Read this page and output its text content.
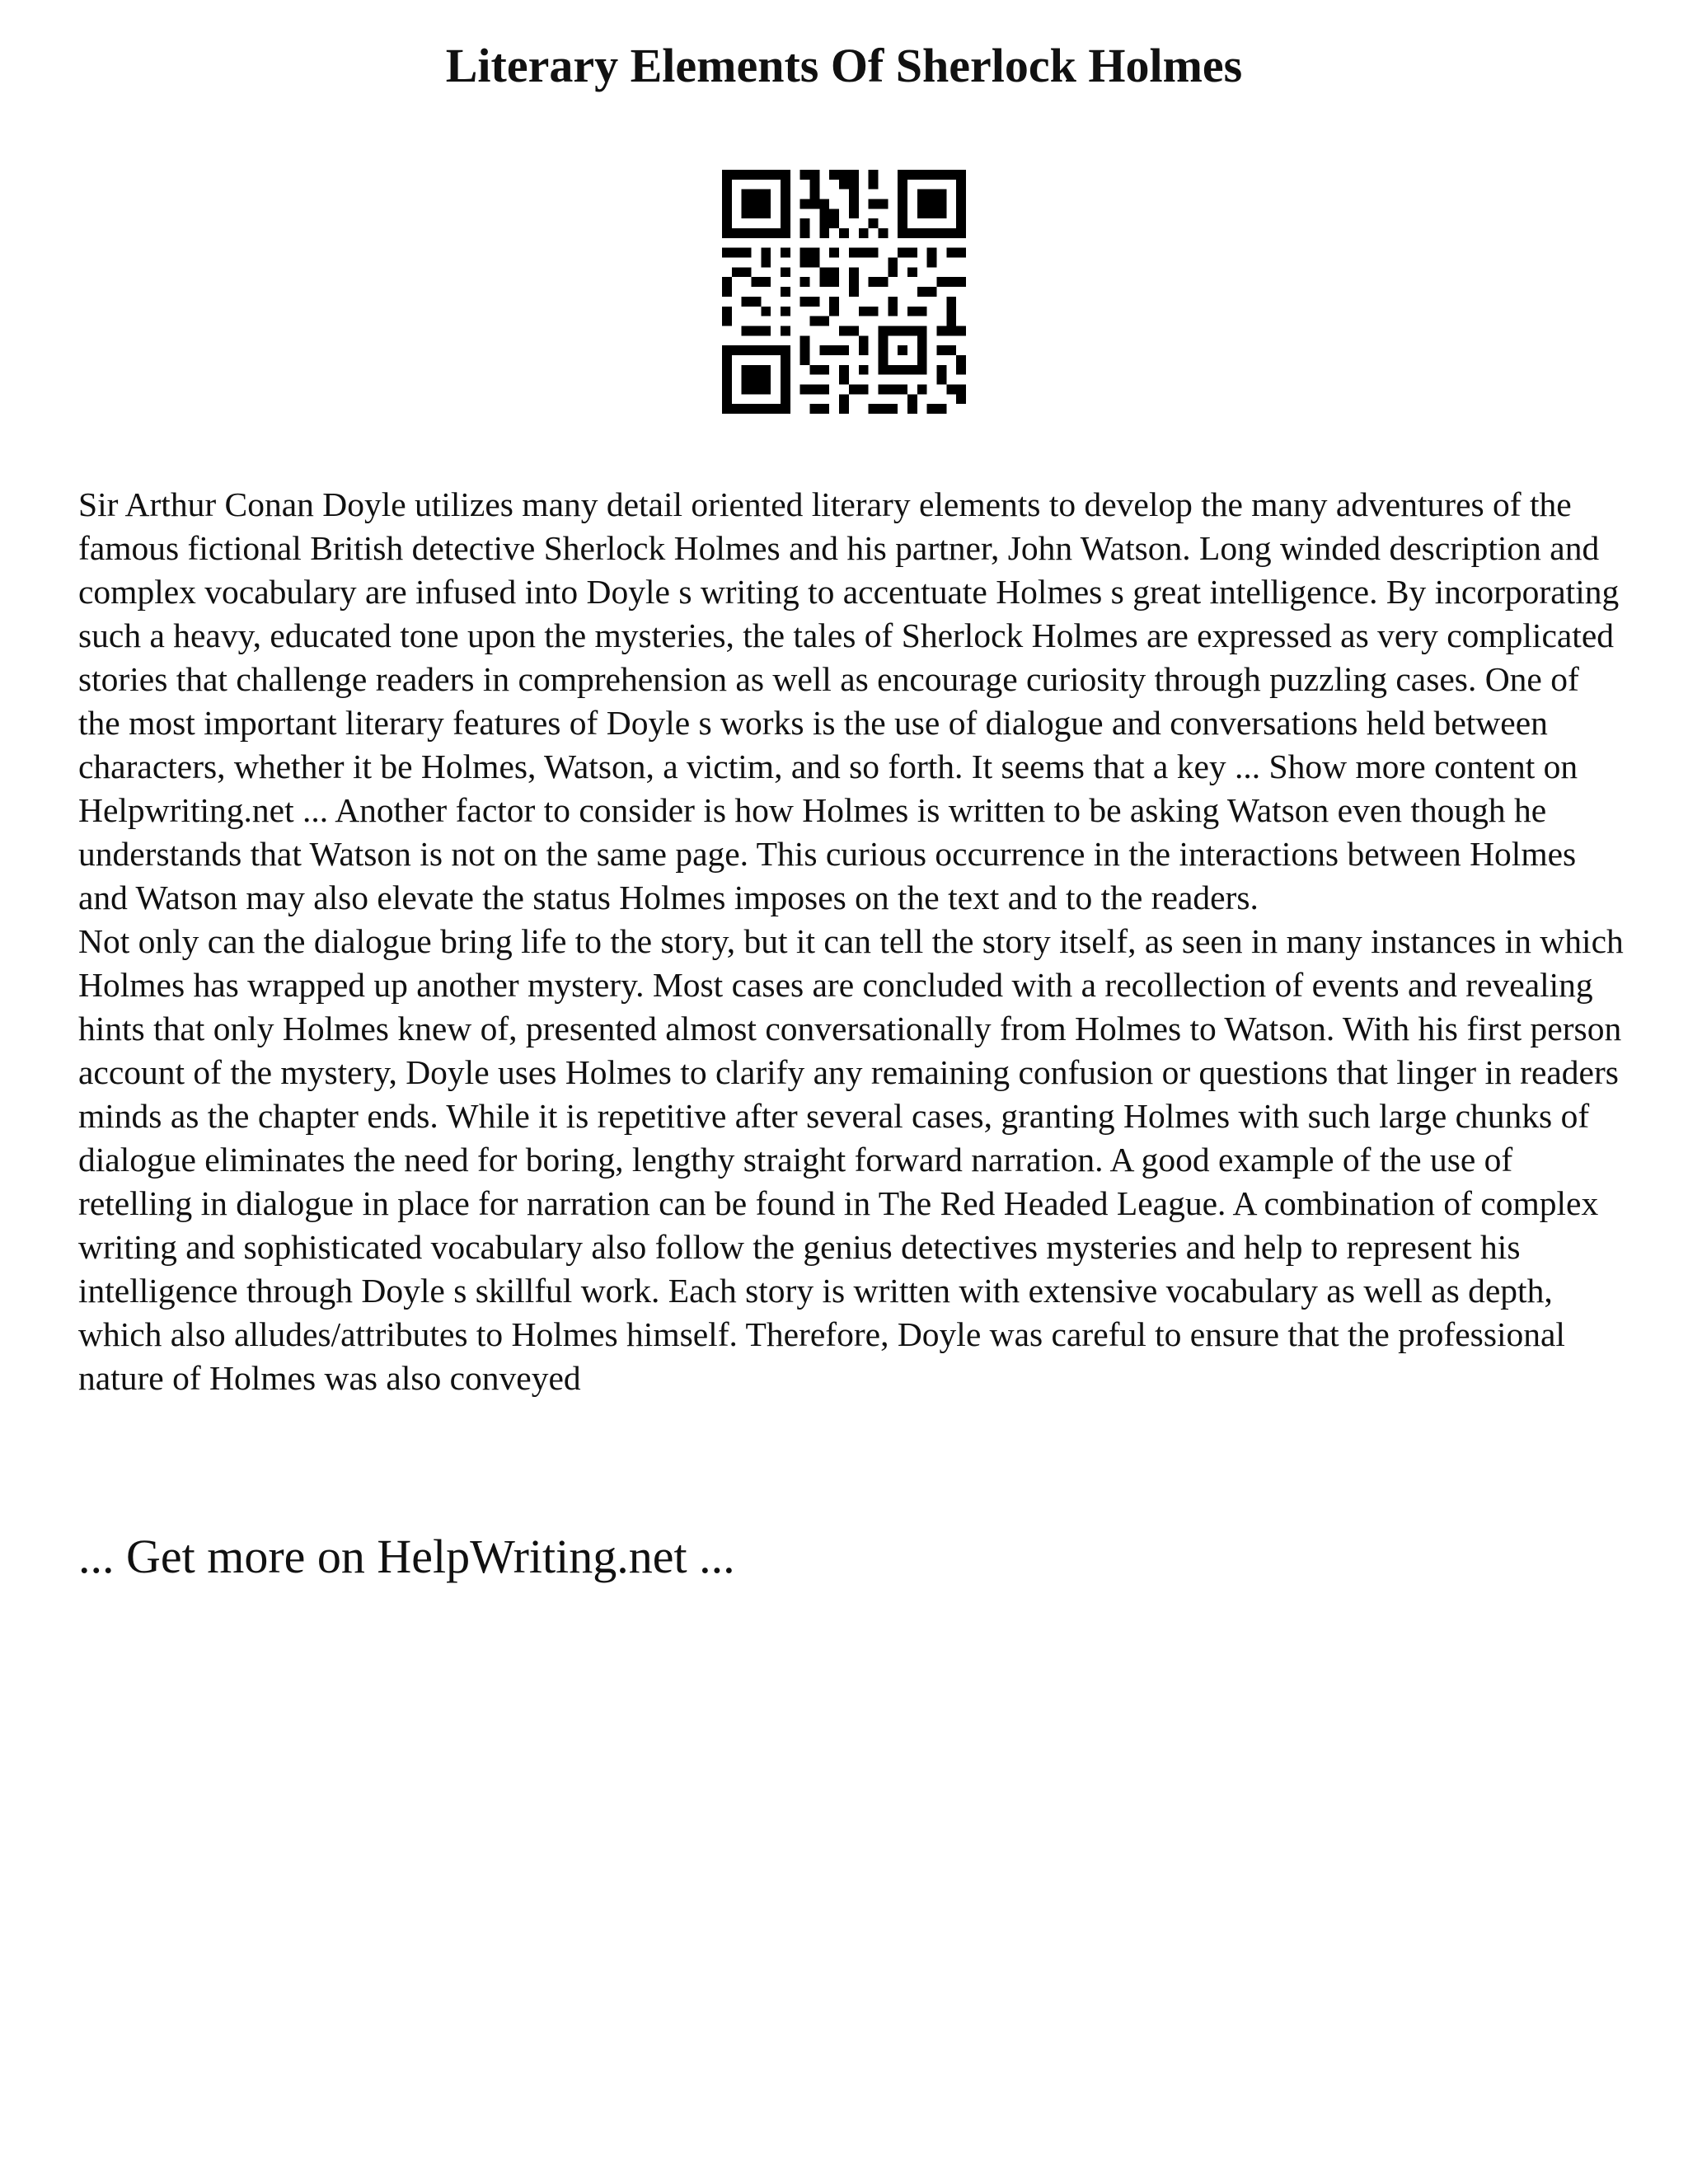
Literary Elements Of Sherlock Holmes

Sir Arthur Conan Doyle utilizes many detail oriented literary elements to develop the many adventures of the famous fictional British detective Sherlock Holmes and his partner, John Watson. Long winded description and complex vocabulary are infused into Doyle s writing to accentuate Holmes s great intelligence. By incorporating such a heavy, educated tone upon the mysteries, the tales of Sherlock Holmes are expressed as very complicated stories that challenge readers in comprehension as well as encourage curiosity through puzzling cases. One of the most important literary features of Doyle s works is the use of dialogue and conversations held between characters, whether it be Holmes, Watson, a victim, and so forth. It seems that a key ... Show more content on Helpwriting.net ... Another factor to consider is how Holmes is written to be asking Watson even though he understands that Watson is not on the same page. This curious occurrence in the interactions between Holmes and Watson may also elevate the status Holmes imposes on the text and to the readers.

Not only can the dialogue bring life to the story, but it can tell the story itself, as seen in many instances in which Holmes has wrapped up another mystery. Most cases are concluded with a recollection of events and revealing hints that only Holmes knew of, presented almost conversationally from Holmes to Watson. With his first person account of the mystery, Doyle uses Holmes to clarify any remaining confusion or questions that linger in readers minds as the chapter ends. While it is repetitive after several cases, granting Holmes with such large chunks of dialogue eliminates the need for boring, lengthy straight forward narration. A good example of the use of retelling in dialogue in place for narration can be found in The Red Headed League. A combination of complex writing and sophisticated vocabulary also follow the genius detectives mysteries and help to represent his intelligence through Doyle s skillful work. Each story is written with extensive vocabulary as well as depth, which also alludes/attributes to Holmes himself. Therefore, Doyle was careful to ensure that the professional nature of Holmes was also conveyed

... Get more on HelpWriting.net ...
